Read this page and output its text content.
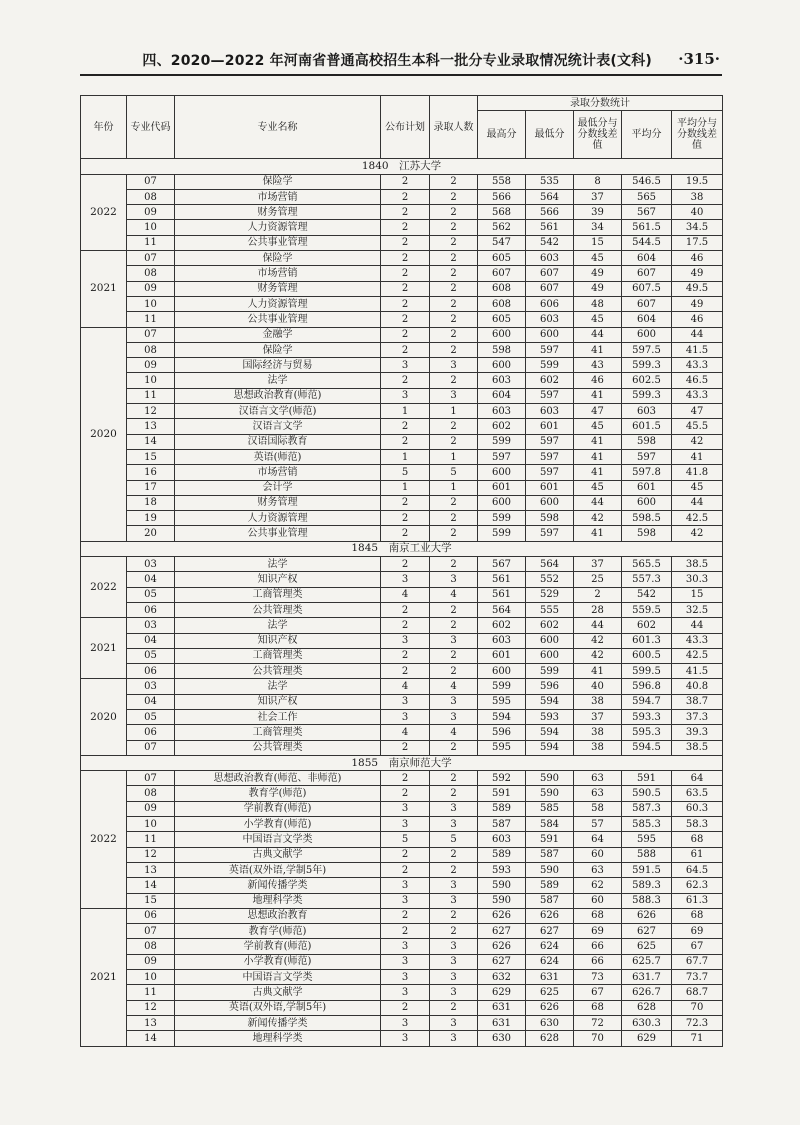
四、2020—2022 年河南省普通高校招生本科一批分专业录取情况统计表(文科) ·315·
年份	专业代码	专业名称	公布计划	录取人数	录取分数统计				
					最高分	最低分	最低分与分数线差值	平均分	平均分与分数线差值
1840　江苏大学									
2022	07	保险学	2	2	558	535	8	546.5	19.5
	08	市场营销	2	2	566	564	37	565	38
	09	财务管理	2	2	568	566	39	567	40
	10	人力资源管理	2	2	562	561	34	561.5	34.5
	11	公共事业管理	2	2	547	542	15	544.5	17.5
2021	07	保险学	2	2	605	603	45	604	46
	08	市场营销	2	2	607	607	49	607	49
	09	财务管理	2	2	608	607	49	607.5	49.5
	10	人力资源管理	2	2	608	606	48	607	49
	11	公共事业管理	2	2	605	603	45	604	46
2020	07	金融学	2	2	600	600	44	600	44
	08	保险学	2	2	598	597	41	597.5	41.5
	09	国际经济与贸易	3	3	600	599	43	599.3	43.3
	10	法学	2	2	603	602	46	602.5	46.5
	11	思想政治教育(师范)	3	3	604	597	41	599.3	43.3
	12	汉语言文学(师范)	1	1	603	603	47	603	47
	13	汉语言文学	2	2	602	601	45	601.5	45.5
	14	汉语国际教育	2	2	599	597	41	598	42
	15	英语(师范)	1	1	597	597	41	597	41
	16	市场营销	5	5	600	597	41	597.8	41.8
	17	会计学	1	1	601	601	45	601	45
	18	财务管理	2	2	600	600	44	600	44
	19	人力资源管理	2	2	599	598	42	598.5	42.5
	20	公共事业管理	2	2	599	597	41	598	42
1845　南京工业大学									
2022	03	法学	2	2	567	564	37	565.5	38.5
	04	知识产权	3	3	561	552	25	557.3	30.3
	05	工商管理类	4	4	561	529	2	542	15
	06	公共管理类	2	2	564	555	28	559.5	32.5
2021	03	法学	2	2	602	602	44	602	44
	04	知识产权	3	3	603	600	42	601.3	43.3
	05	工商管理类	2	2	601	600	42	600.5	42.5
	06	公共管理类	2	2	600	599	41	599.5	41.5
2020	03	法学	4	4	599	596	40	596.8	40.8
	04	知识产权	3	3	595	594	38	594.7	38.7
	05	社会工作	3	3	594	593	37	593.3	37.3
	06	工商管理类	4	4	596	594	38	595.3	39.3
	07	公共管理类	2	2	595	594	38	594.5	38.5
1855　南京师范大学									
2022	07	思想政治教育(师范、非师范)	2	2	592	590	63	591	64
	08	教育学(师范)	2	2	591	590	63	590.5	63.5
	09	学前教育(师范)	3	3	589	585	58	587.3	60.3
	10	小学教育(师范)	3	3	587	584	57	585.3	58.3
	11	中国语言文学类	5	5	603	591	64	595	68
	12	古典文献学	2	2	589	587	60	588	61
	13	英语(双外语,学制5年)	2	2	593	590	63	591.5	64.5
	14	新闻传播学类	3	3	590	589	62	589.3	62.3
	15	地理科学类	3	3	590	587	60	588.3	61.3
2021	06	思想政治教育	2	2	626	626	68	626	68
	07	教育学(师范)	2	2	627	627	69	627	69
	08	学前教育(师范)	3	3	626	624	66	625	67
	09	小学教育(师范)	3	3	627	624	66	625.7	67.7
	10	中国语言文学类	3	3	632	631	73	631.7	73.7
	11	古典文献学	3	3	629	625	67	626.7	68.7
	12	英语(双外语,学制5年)	2	2	631	626	68	628	70
	13	新闻传播学类	3	3	631	630	72	630.3	72.3
	14	地理科学类	3	3	630	628	70	629	71
